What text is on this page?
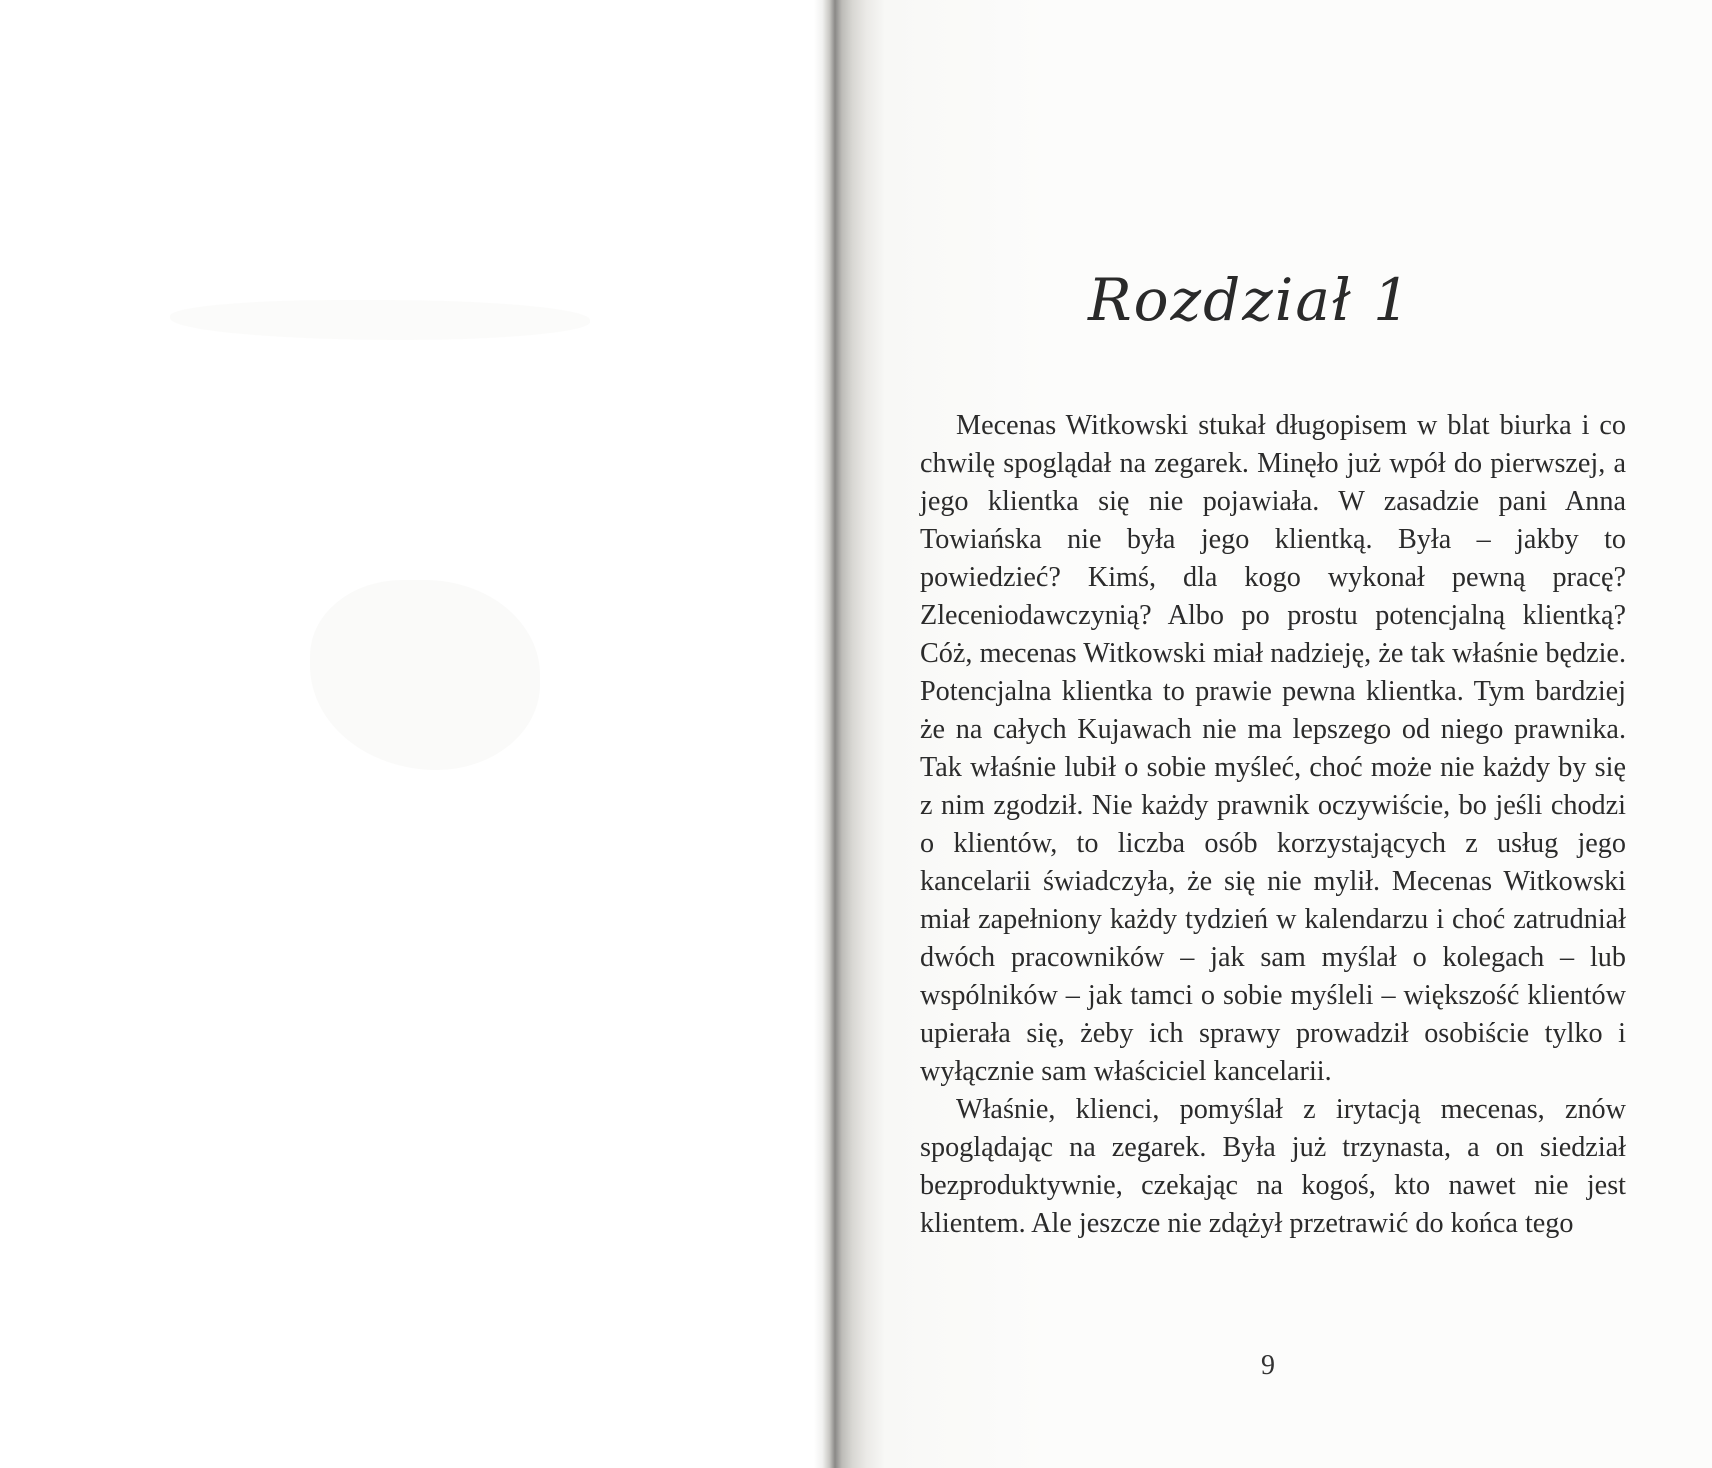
Rozdział 1

Mecenas Witkowski stukał długopisem w blat biurka i co chwilę spoglądał na zegarek. Minęło już wpół do pierwszej, a jego klientka się nie pojawiała. W zasadzie pani Anna Towiańska nie była jego klientką. Była – jakby to powiedzieć? Kimś, dla kogo wykonał pewną pracę? Zleceniodawczynią? Albo po prostu potencjalną klientką? Cóż, mecenas Witkowski miał nadzieję, że tak właśnie będzie. Potencjalna klientka to prawie pewna klientka. Tym bardziej że na całych Kujawach nie ma lepszego od niego prawnika. Tak właśnie lubił o sobie myśleć, choć może nie każdy by się z nim zgodził. Nie każdy prawnik oczywiście, bo jeśli chodzi o klientów, to liczba osób korzystających z usług jego kancelarii świadczyła, że się nie mylił. Mecenas Witkowski miał zapełniony każdy tydzień w kalendarzu i choć zatrudniał dwóch pracowników – jak sam myślał o kolegach – lub wspólników – jak tamci o sobie myśleli – większość klientów upierała się, żeby ich sprawy prowadził osobiście tylko i wyłącznie sam właściciel kancelarii.

Właśnie, klienci, pomyślał z irytacją mecenas, znów spoglądając na zegarek. Była już trzynasta, a on siedział bezproduktywnie, czekając na kogoś, kto nawet nie jest klientem. Ale jeszcze nie zdążył przetrawić do końca tego

9
